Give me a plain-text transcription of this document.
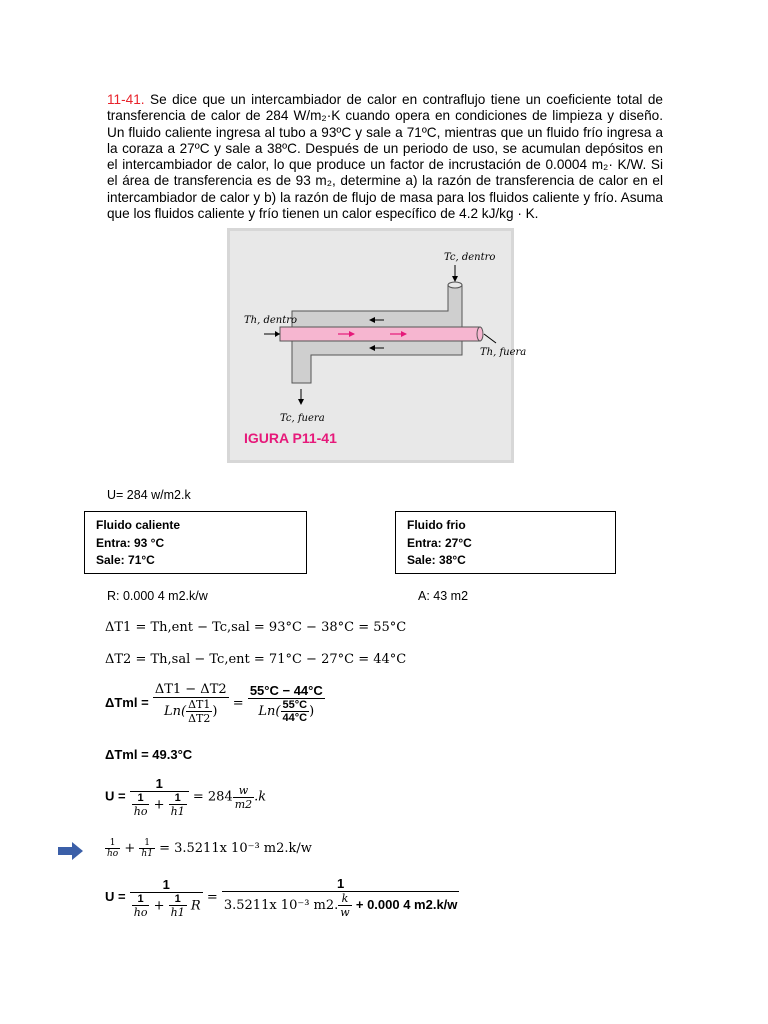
11-41. Se dice que un intercambiador de calor en contraflujo tiene un coeficiente total de transferencia de calor de 284 W/m₂·K cuando opera en condiciones de limpieza y diseño. Un fluido caliente ingresa al tubo a 93ºC y sale a 71ºC, mientras que un fluido frío ingresa a la coraza a 27ºC y sale a 38ºC. Después de un periodo de uso, se acumulan depósitos en el intercambiador de calor, lo que produce un factor de incrustación de 0.0004 m₂· K/W. Si el área de transferencia es de 93 m₂, determine a) la razón de transferencia de calor en el intercambiador de calor y b) la razón de flujo de masa para los fluidos caliente y frío. Asuma que los fluidos caliente y frío tienen un calor específico de 4.2 kJ/kg · K.
Tc, dentro
Th, dentro
Th, fuera
Tc, fuera
IGURA P11-41
U= 284 w/m2.k
Fluido caliente
Entra: 93 °C
Sale: 71°C
Fluido frio
Entra: 27°C
Sale: 38°C
R: 0.000 4 m2.k/w	A: 43 m2
ΔT1 = Th,ent − Tc,sal = 93°C − 38°C = 55°C
ΔT2 = Th,sal − Tc,ent = 71°C − 27°C = 44°C
$\Delta Tml = \frac{\Delta T1 - \Delta T2}{Ln( \frac{\Delta T1}{\Delta T2} )} = \frac{55^\circ C - 44^\circ C}{Ln( \frac{55^\circ C}{44^\circ C} )}$
ΔTml = 49.3°C
$U = \frac{1}{\frac{1}{ho} + \frac{1}{h1}} = 284 \frac{w}{m2} .k$
$\frac{1}{ho} + \frac{1}{h1} = 3.5211x$ 10⁻³ m2.k/w
$U = \frac{1}{\frac{1}{ho} + \frac{1}{h1} R} = \frac{1}{3.5211x 10^{-3} m2. \frac{k}{w} + 0.000 4 m2.k/w}$
